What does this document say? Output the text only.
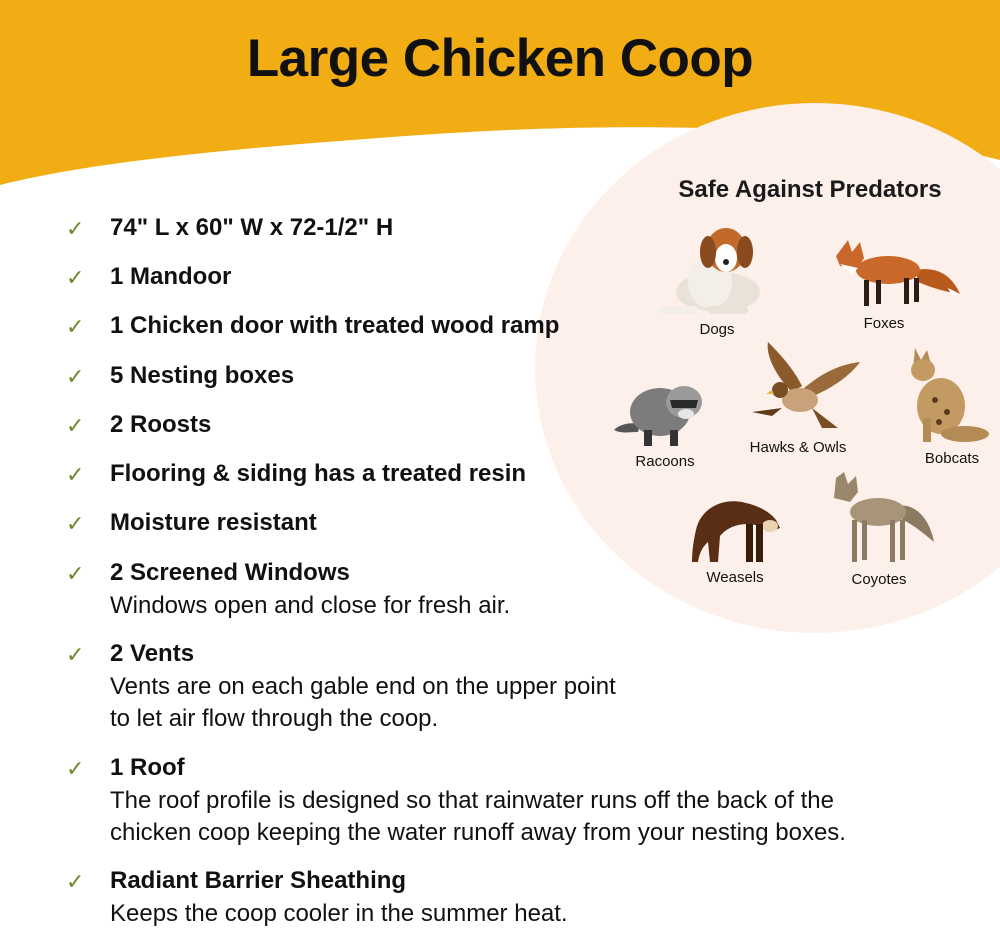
Large Chicken Coop
Safe Against Predators
Dogs	Foxes
Racoons
Hawks & Owls
Bobcats
Weasels	Coyotes
✓ 74" L x 60" W x 72-1/2" H
✓ 1 Mandoor
✓ 1 Chicken door with treated wood ramp
✓ 5 Nesting boxes
✓ 2 Roosts
✓ Flooring & siding has a treated resin
✓ Moisture resistant
✓ 2 Screened Windows
Windows open and close for fresh air.
✓ 2 Vents
Vents are on each gable end on the upper point
to let air flow through the coop.
✓ 1 Roof
The roof profile is designed so that rainwater runs off the back of the
chicken coop keeping the water runoff away from your nesting boxes.
✓ Radiant Barrier Sheathing
Keeps the coop cooler in the summer heat.
